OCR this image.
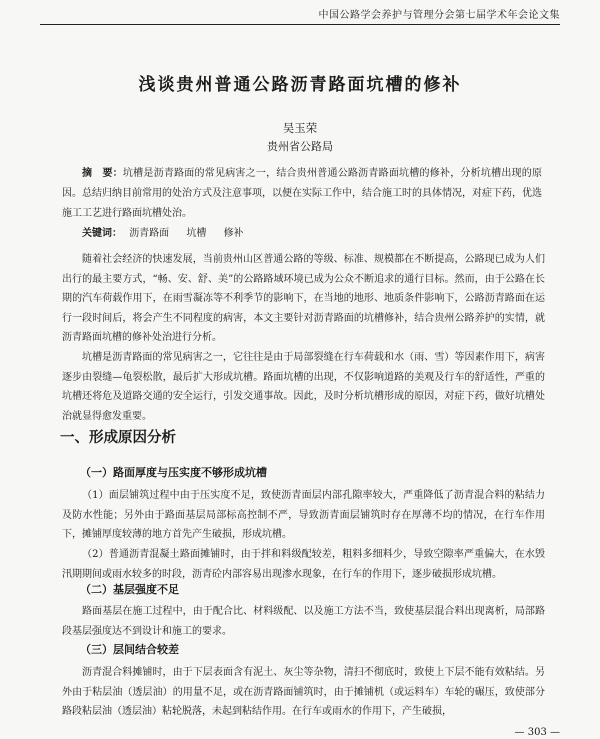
中国公路学会养护与管理分会第七届学术年会论文集
浅谈贵州普通公路沥青路面坑槽的修补
吴玉荣
贵州省公路局
摘　要：坑槽是沥青路面的常见病害之一，结合贵州普通公路沥青路面坑槽的修补，分析坑槽出现的原因。总结归纳目前常用的处治方式及注意事项，以便在实际工作中，结合施工时的具体情况，对症下药，优选施工工艺进行路面坑槽处治。
关键词： 沥青路面 坑槽 修补

随着社会经济的快速发展，当前贵州山区普通公路的等级、标准、规模都在不断提高，公路现已成为人们出行的最主要方式，“畅、安、舒、美”的公路路域环境已成为公众不断追求的通行目标。然而，由于公路在长期的汽车荷载作用下，在雨雪凝冻等不利季节的影响下，在当地的地形、地质条件影响下，公路沥青路面在运行一段时间后，将会产生不同程度的病害，本文主要针对沥青路面的坑槽修补，结合贵州公路养护的实情，就沥青路面坑槽的修补处治进行分析。

坑槽是沥青路面的常见病害之一，它往往是由于局部裂缝在行车荷载和水（雨、雪）等因素作用下，病害逐步由裂缝—龟裂松散，最后扩大形成坑槽。路面坑槽的出现，不仅影响道路的美观及行车的舒适性，严重的坑槽还将危及道路交通的安全运行，引发交通事故。因此，及时分析坑槽形成的原因，对症下药，做好坑槽处治就显得愈发重要。

一、形成原因分析
（一）路面厚度与压实度不够形成坑槽

（1）面层铺筑过程中由于压实度不足，致使沥青面层内部孔隙率较大，严重降低了沥青混合料的粘结力及防水性能；另外由于路面基层局部标高控制不严，导致沥青面层铺筑时存在厚薄不均的情况，在行车作用下，摊铺厚度较薄的地方首先产生破损，形成坑槽。

（2）普通沥青混凝土路面摊铺时，由于拌和料级配较差，粗料多细料少，导致空隙率严重偏大，在水毁汛期期间或雨水较多的时段，沥青砼内部容易出现渗水现象，在行车的作用下，逐步破损形成坑槽。

（二）基层强度不足

路面基层在施工过程中，由于配合比、材料级配、以及施工方法不当，致使基层混合料出现离析，局部路段基层强度达不到设计和施工的要求。

（三）层间结合较差

沥青混合料摊铺时，由于下层表面含有泥土、灰尘等杂物，清扫不彻底时，致使上下层不能有效粘结。另外由于粘层油（透层油）的用量不足，或在沥青路面铺筑时，由于摊铺机（或运料车）车轮的碾压，致使部分路段粘层油（透层油）粘轮脱落，未起到粘结作用。在行车或雨水的作用下，产生破损，

— 303 —
